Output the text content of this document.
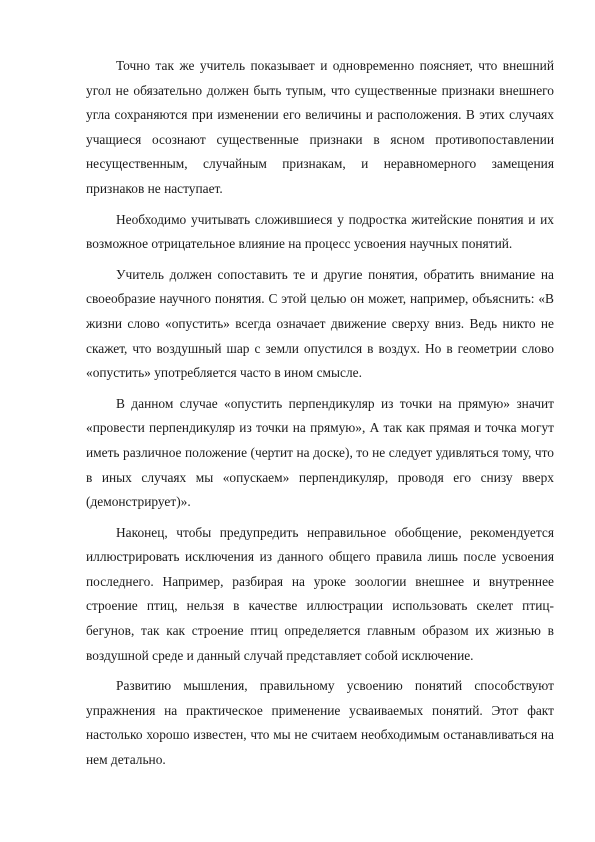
Точно так же учитель показывает и одновременно поясняет, что внешний угол не обязательно должен быть тупым, что существенные признаки внешнего угла сохраняются при изменении его величины и расположения. В этих случаях учащиеся осознают существенные признаки в ясном противопоставлении несущественным, случайным признакам, и неравномерного замещения признаков не наступает.

Необходимо учитывать сложившиеся у подростка житейские понятия и их возможное отрицательное влияние на процесс усвоения научных понятий.

Учитель должен сопоставить те и другие понятия, обратить внимание на своеобразие научного понятия. С этой целью он может, например, объяснить: «В жизни слово «опустить» всегда означает движение сверху вниз. Ведь никто не скажет, что воздушный шар с земли опустился в воздух. Но в геометрии слово «опустить» употребляется часто в ином смысле.

В данном случае «опустить перпендикуляр из точки на прямую» значит «провести перпендикуляр из точки на прямую», А так как прямая и точка могут иметь различное положение (чертит на доске), то не следует удивляться тому, что в иных случаях мы «опускаем» перпендикуляр, проводя его снизу вверх (демонстрирует)».

Наконец, чтобы предупредить неправильное обобщение, рекомендуется иллюстрировать исключения из данного общего правила лишь после усвоения последнего. Например, разбирая на уроке зоологии внешнее и внутреннее строение птиц, нельзя в качестве иллюстрации использовать скелет птиц-бегунов, так как строение птиц определяется главным образом их жизнью в воздушной среде и данный случай представляет собой исключение.

Развитию мышления, правильному усвоению понятий способствуют упражнения на практическое применение усваиваемых понятий. Этот факт настолько хорошо известен, что мы не считаем необходимым останавливаться на нем детально.
